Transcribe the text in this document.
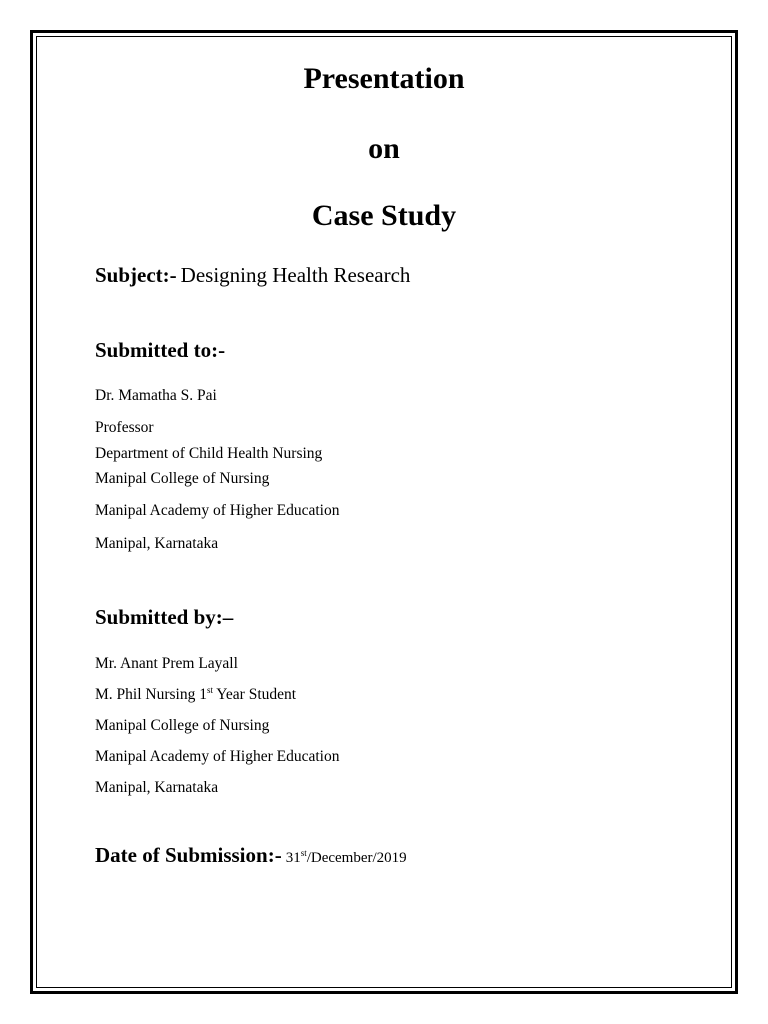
Presentation
on
Case Study
Subject:- Designing Health Research
Submitted to:-
Dr. Mamatha S. Pai
Professor
Department of Child Health Nursing
Manipal College of Nursing
Manipal Academy of Higher Education
Manipal, Karnataka
Submitted by:–
Mr. Anant Prem Layall
M. Phil Nursing 1st Year Student
Manipal College of Nursing
Manipal Academy of Higher Education
Manipal, Karnataka
Date of Submission:- 31st/December/2019
